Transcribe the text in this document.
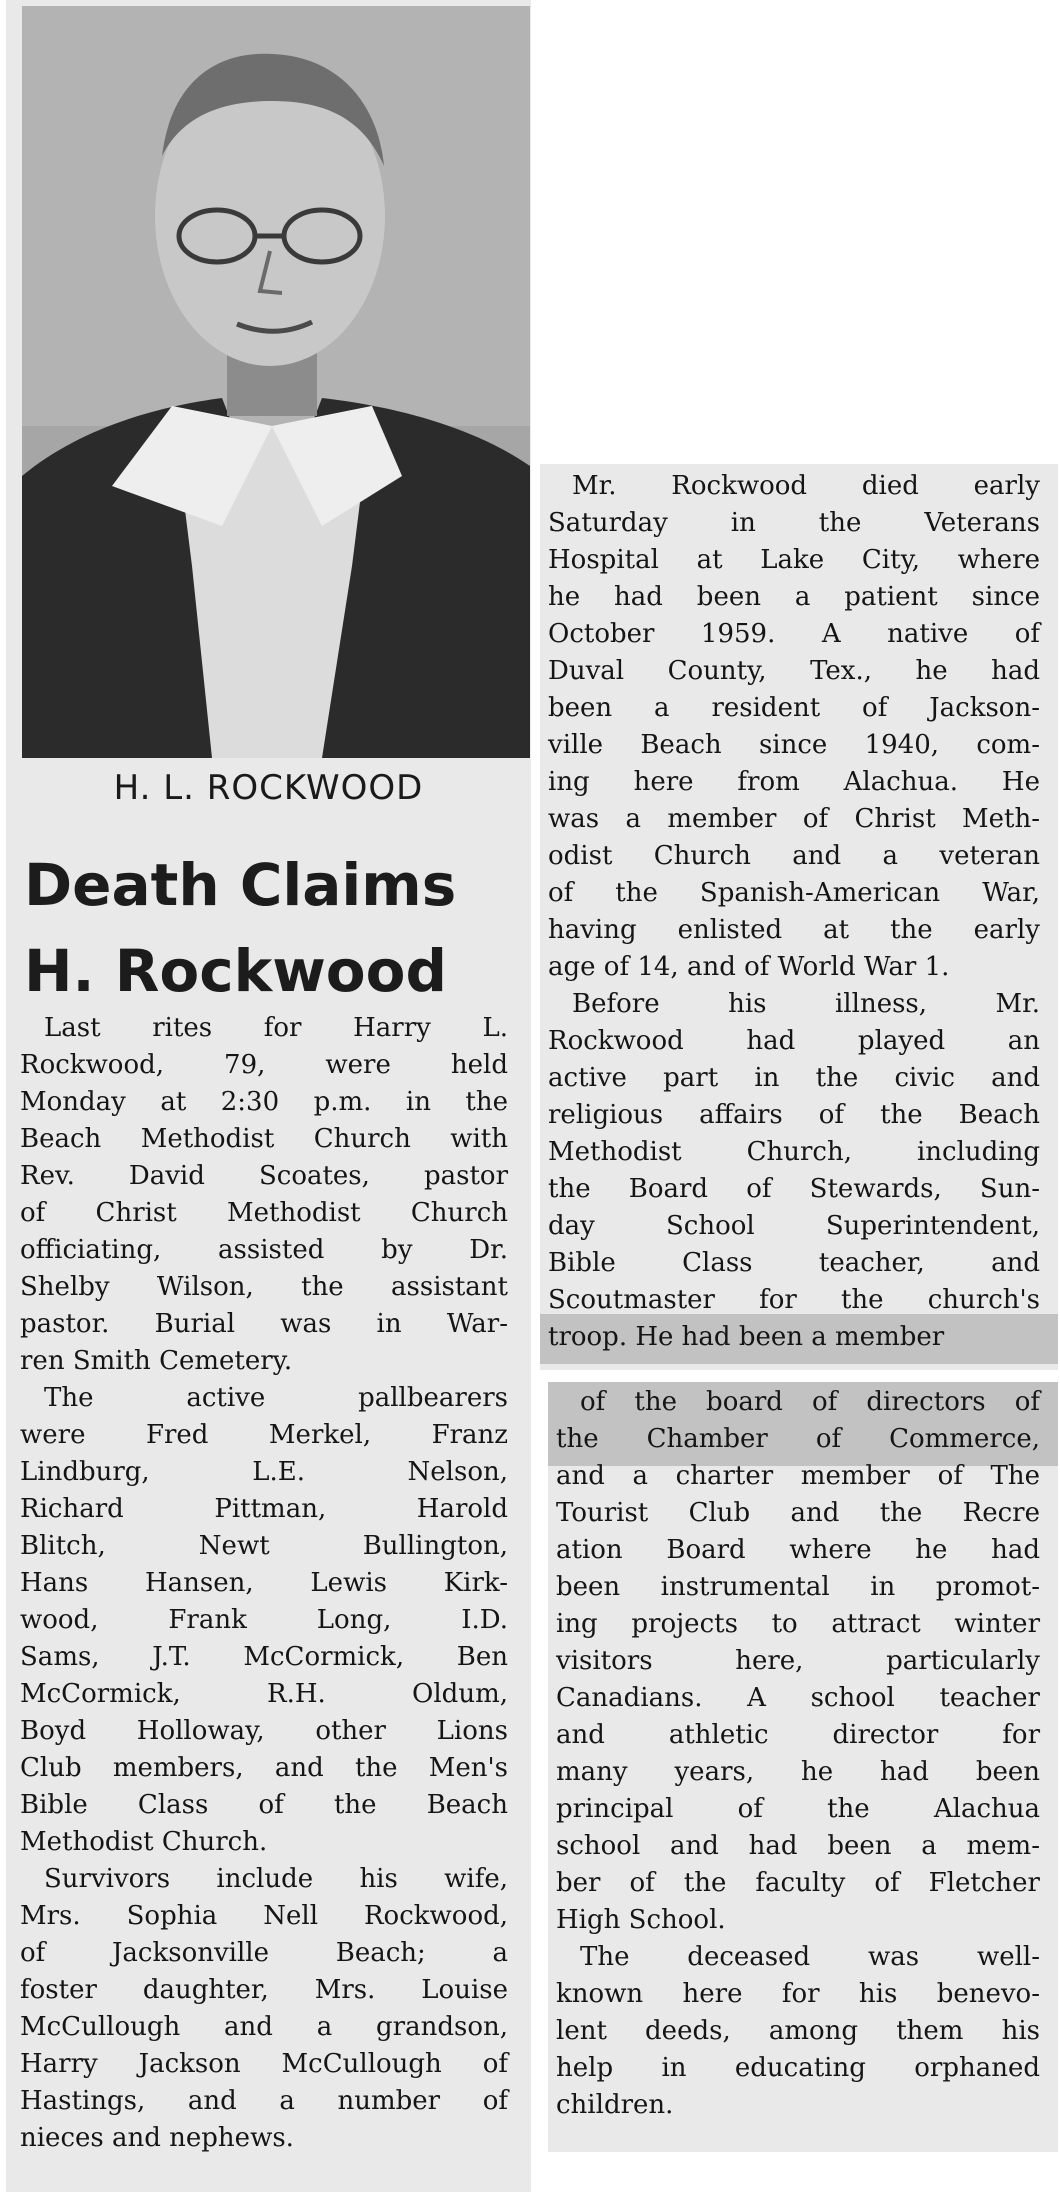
H. L. ROCKWOOD
Death Claims
H. Rockwood
Last rites for Harry L.
Rockwood, 79, were held
Monday at 2:30 p.m. in the
Beach Methodist Church with
Rev. David Scoates, pastor
of Christ Methodist Church
officiating, assisted by Dr.
Shelby Wilson, the assistant
pastor. Burial was in War-
ren Smith Cemetery.
The active pallbearers
were Fred Merkel, Franz
Lindburg, L.E. Nelson,
Richard Pittman, Harold
Blitch, Newt Bullington,
Hans Hansen, Lewis Kirk-
wood, Frank Long, I.D.
Sams, J.T. McCormick, Ben
McCormick, R.H. Oldum,
Boyd Holloway, other Lions
Club members, and the Men's
Bible Class of the Beach
Methodist Church.
Survivors include his wife,
Mrs. Sophia Nell Rockwood,
of Jacksonville Beach; a
foster daughter, Mrs. Louise
McCullough and a grandson,
Harry Jackson McCullough of
Hastings, and a number of
nieces and nephews.
Mr. Rockwood died early
Saturday in the Veterans
Hospital at Lake City, where
he had been a patient since
October 1959. A native of
Duval County, Tex., he had
been a resident of Jackson-
ville Beach since 1940, com-
ing here from Alachua. He
was a member of Christ Meth-
odist Church and a veteran
of the Spanish-American War,
having enlisted at the early
age of 14, and of World War 1.
Before his illness, Mr.
Rockwood had played an
active part in the civic and
religious affairs of the Beach
Methodist Church, including
the Board of Stewards, Sun-
day School Superintendent,
Bible Class teacher, and
Scoutmaster for the church's
troop. He had been a member
of the board of directors of
the Chamber of Commerce,
and a charter member of The
Tourist Club and the Recre
ation Board where he had
been instrumental in promot-
ing projects to attract winter
visitors here, particularly
Canadians. A school teacher
and athletic director for
many years, he had been
principal of the Alachua
school and had been a mem-
ber of the faculty of Fletcher
High School.
The deceased was well-
known here for his benevo-
lent deeds, among them his
help in educating orphaned
children.
